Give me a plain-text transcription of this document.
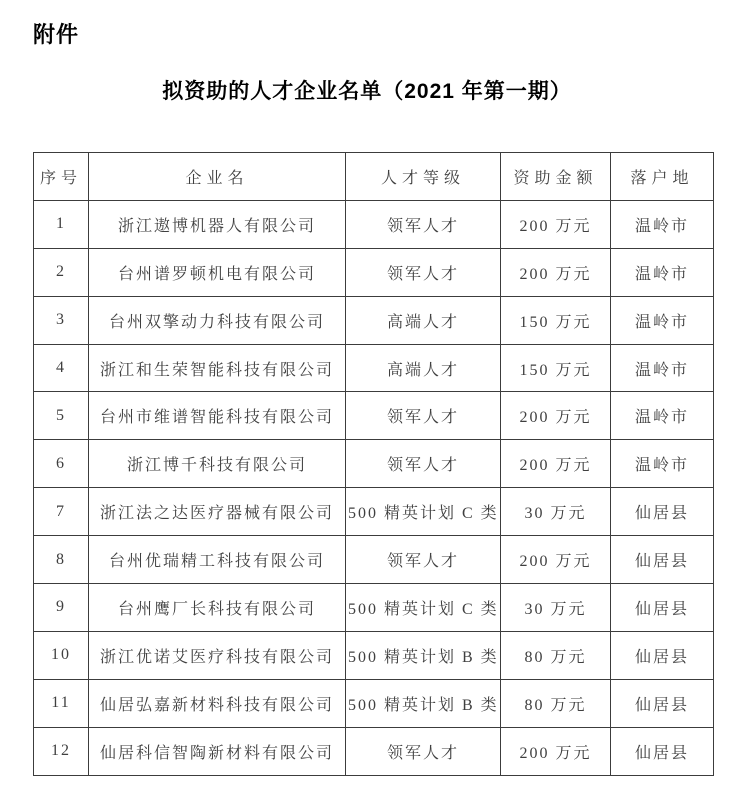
附件
拟资助的人才企业名单（2021 年第一期）
序号	企业名	人才等级	资助金额	落户地
1	浙江遨博机器人有限公司	领军人才	200 万元	温岭市
2	台州谱罗顿机电有限公司	领军人才	200 万元	温岭市
3	台州双擎动力科技有限公司	高端人才	150 万元	温岭市
4	浙江和生荣智能科技有限公司	高端人才	150 万元	温岭市
5	台州市维谱智能科技有限公司	领军人才	200 万元	温岭市
6	浙江博千科技有限公司	领军人才	200 万元	温岭市
7	浙江法之达医疗器械有限公司	500 精英计划 C 类	30 万元	仙居县
8	台州优瑞精工科技有限公司	领军人才	200 万元	仙居县
9	台州鹰厂长科技有限公司	500 精英计划 C 类	30 万元	仙居县
10	浙江优诺艾医疗科技有限公司	500 精英计划 B 类	80 万元	仙居县
11	仙居弘嘉新材料科技有限公司	500 精英计划 B 类	80 万元	仙居县
12	仙居科信智陶新材料有限公司	领军人才	200 万元	仙居县
